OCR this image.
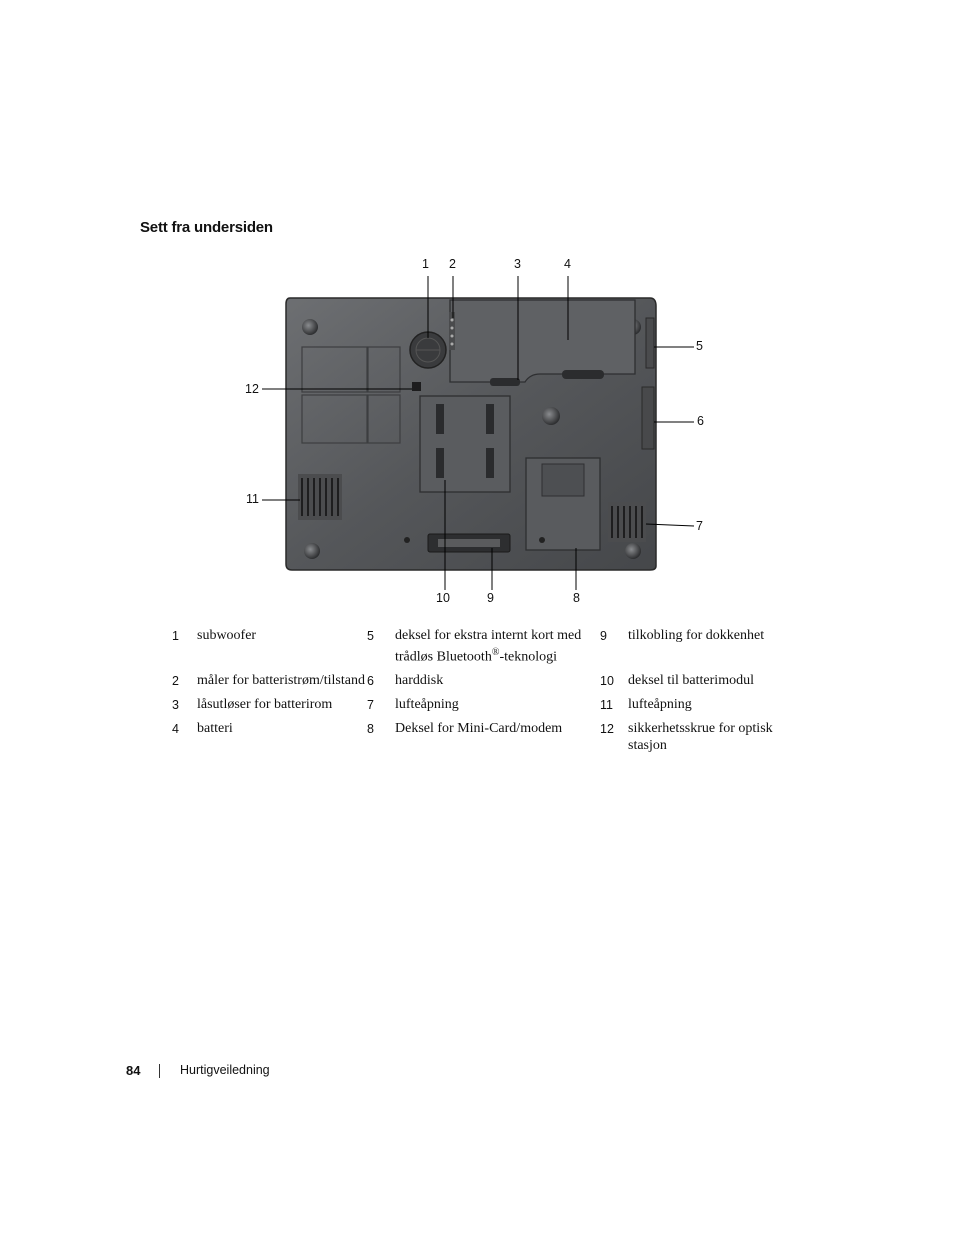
Sett fra undersiden
1 2	3	4
5
6
7
8
9
10
11
12
1	subwoofer	5	deksel for ekstra internt kort med trådløs Bluetooth®-teknologi	9	tilkobling for dokkenhet
2	måler for batteristrøm/tilstand	6	harddisk	10	deksel til batterimodul
3	låsutløser for batterirom	7	lufteåpning	11	lufteåpning
4	batteri	8	Deksel for Mini-Card/modem	12	sikkerhetsskrue for optisk stasjon
84	Hurtigveiledning
